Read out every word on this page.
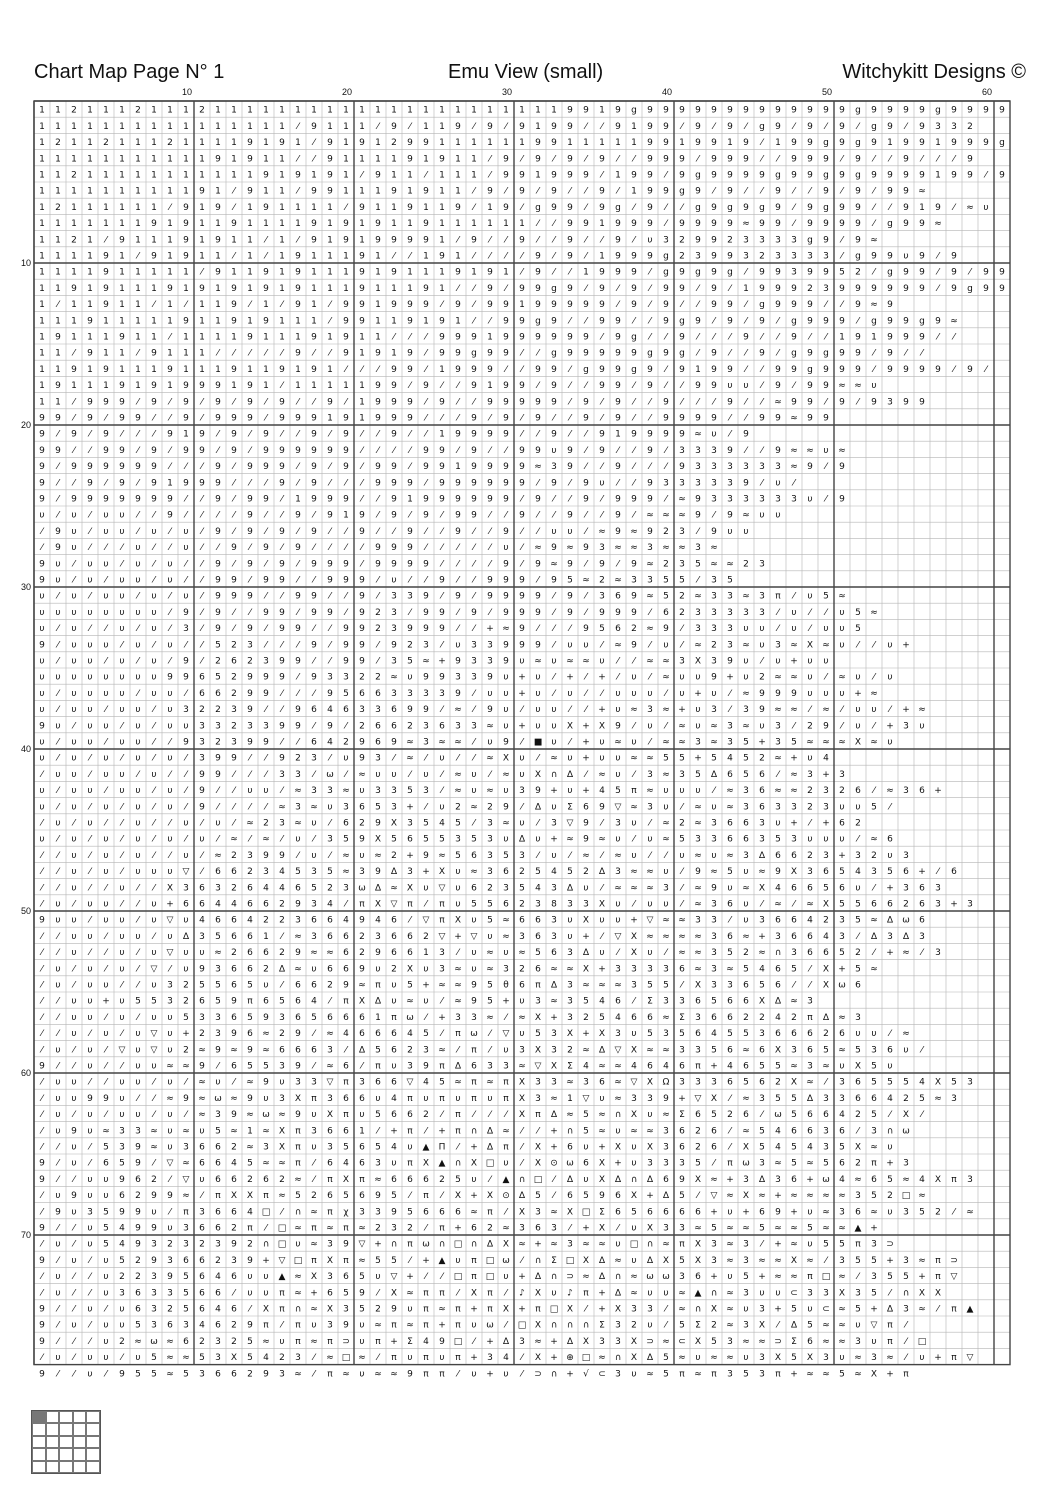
Chart Map Page N° 1	Emu View (small)	Witchykitt Designs ©
1 1 2 1 1 1 2 1 1 1 2 1 1 1 1 1 1 1 1 1 1 1 1 1 1 1 1 1 1 1 1 1 1 9 9 1 9 g 9 9 9 9 9 9 9 9 9 9 9 9 9 g 9 9 9 9 g 9 9 9 9
1 1 1 1 1 1 1 1 1 1 1 1 1 1 1 1 ⁄ 9 1 1 1 ⁄ 9 ⁄ 1 1 9 ⁄ 9 ⁄ 9 1 9 9 ⁄ ⁄ 9 1 9 9 ⁄ 9 ⁄ 9 ⁄ g 9 ⁄ 9 ⁄ 9 ⁄ g 9 ⁄ 9 3 3 2
1 2 1 1 2 1 1 1 2 1 1 1 1 9 1 9 1 ⁄ 9 1 9 1 2 9 9 1 1 1 1 1 1 9 9 1 1 1 1 1 9 9 1 9 9 1 9 ⁄ 1 9 9 g 9 g 9 1 9 9 1 9 9 9 g
1 1 1 1 1 1 1 1 1 1 1 9 1 9 1 1 ⁄ ⁄ 9 1 1 1 1 9 1 9 1 1 ⁄ 9 ⁄ 9 ⁄ 9 ⁄ 9 ⁄ ⁄ 9 9 9 ⁄ 9 9 9 ⁄ ⁄ 9 9 9 ⁄ 9 ⁄ ⁄ 9 ⁄ ⁄ ⁄ 9
1 1 2 1 1 1 1 1 1 1 1 1 1 1 9 1 9 1 9 1 ⁄ 9 1 1 ⁄ 1 1 1 ⁄ 9 9 1 9 9 9 ⁄ 1 9 9 ⁄ 9 g 9 9 9 9 g 9 9 g 9 g 9 9 9 9 1 9 9 ⁄ 9
1 1 1 1 1 1 1 1 1 1 9 1 ⁄ 9 1 1 ⁄ 9 9 1 1 1 9 1 9 1 1 ⁄ 9 ⁄ 9 ⁄ 9 ⁄ ⁄ 9 ⁄ 1 9 9 g 9 ⁄ 9 ⁄ ⁄ 9 ⁄ ⁄ 9 ⁄ 9 ⁄ 9 9 ≈
1 2 1 1 1 1 1 1 ⁄ 9 1 9 ⁄ 1 9 1 1 1 1 ⁄ 9 1 1 9 1 1 9 ⁄ 1 9 ⁄ g 9 9 ⁄ 9 g ⁄ 9 ⁄ ⁄ g 9 g 9 g 9 ⁄ 9 g 9 9 ⁄ ⁄ 9 1 9 ⁄ ≈ υ
1 1 1 1 1 1 1 9 1 9 1 1 9 1 1 1 1 9 1 9 1 9 1 1 9 1 1 1 1 1 1 ⁄ ⁄ 9 9 1 9 9 9 ⁄ 9 9 9 9 ≈ 9 9 ⁄ 9 9 9 9 ⁄ g 9 9 ≈
1 1 2 1 ⁄ 9 1 1 1 9 1 9 1 1 ⁄ 1 ⁄ 9 1 9 1 9 9 9 9 1 ⁄ 9 ⁄ ⁄ 9 ⁄ ⁄ 9 ⁄ ⁄ 9 ⁄ υ 3 2 9 9 2 3 3 3 3 g 9 ⁄ 9 ≈
1 1 1 1 9 1 ⁄ 9 1 9 1 1 ⁄ 1 ⁄ 1 9 1 1 1 9 1 ⁄ ⁄ 1 9 1 ⁄ ⁄ ⁄ ⁄ 9 ⁄ 9 ⁄ 1 9 9 9 g 2 3 9 9 3 2 3 3 3 3 ⁄ g 9 9 υ 9 ⁄ 9
1 1 1 1 9 1 1 1 1 1 ⁄ 9 1 1 9 1 9 1 1 1 9 1 9 1 1 1 9 1 9 1 ⁄ 9 ⁄ ⁄ 1 9 9 9 ⁄ g 9 g 9 g ⁄ 9 9 3 9 9 5 2 ⁄ g 9 9 ⁄ 9 ⁄ 9 9
1 1 9 1 9 1 1 1 9 1 9 1 9 1 9 1 9 1 1 1 9 1 1 1 9 1 ⁄ ⁄ 9 ⁄ 9 9 g 9 ⁄ 9 ⁄ 9 ⁄ 9 9 ⁄ 9 ⁄ 1 9 9 9 2 3 9 9 9 9 9 9 ⁄ 9 g 9 9
1 ⁄ 1 1 9 1 1 ⁄ 1 ⁄ 1 1 9 ⁄ 1 ⁄ 9 1 ⁄ 9 9 1 9 9 9 ⁄ 9 ⁄ 9 9 1 9 9 9 9 9 ⁄ 9 ⁄ 9 ⁄ ⁄ 9 9 ⁄ g 9 9 9 ⁄ ⁄ 9 ≈ 9
1 1 1 9 1 1 1 1 1 9 1 1 9 1 9 1 1 1 ⁄ 9 9 1 1 9 1 9 1 ⁄ ⁄ 9 9 g 9 ⁄ ⁄ 9 9 ⁄ ⁄ 9 g 9 ⁄ 9 ⁄ 9 ⁄ g 9 9 9 ⁄ g 9 9 g 9 ≈
1 9 1 1 1 9 1 1 ⁄ 1 1 1 1 9 1 1 1 9 1 9 1 1 ⁄ ⁄ ⁄ 9 9 9 1 9 9 9 9 9 9 ⁄ 9 g ⁄ ⁄ 9 ⁄ ⁄ ⁄ 9 ⁄ ⁄ 9 ⁄ ⁄ 1 9 1 9 9 9 ⁄ ⁄
1 1 ⁄ 9 1 1 ⁄ 9 1 1 1 ⁄ ⁄ ⁄ ⁄ ⁄ 9 ⁄ ⁄ 9 1 9 1 9 ⁄ 9 9 g 9 9 ⁄ ⁄ g 9 9 9 9 9 g 9 g ⁄ 9 ⁄ ⁄ 9 ⁄ g 9 g 9 9 ⁄ 9 ⁄ ⁄
1 1 9 1 9 1 1 1 9 1 1 1 9 1 1 9 1 9 1 ⁄ ⁄ ⁄ 9 9 ⁄ 1 9 9 9 ⁄ ⁄ 9 9 ⁄ g 9 9 g 9 ⁄ 9 1 9 9 ⁄ ⁄ 9 9 g 9 9 9 ⁄ 9 9 9 9 ⁄ 9 ⁄
1 9 1 1 1 9 1 9 1 9 9 9 1 9 1 ⁄ 1 1 1 1 1 9 9 ⁄ 9 ⁄ ⁄ 9 1 9 9 ⁄ 9 ⁄ ⁄ 9 9 ⁄ 9 ⁄ ⁄ 9 9 υ υ ⁄ 9 ⁄ 9 9 ≈ ≈ υ
1 1 ⁄ 9 9 9 ⁄ 9 ⁄ 9 ⁄ 9 ⁄ 9 ⁄ 9 ⁄ ⁄ 9 ⁄ 1 9 9 9 ⁄ 9 ⁄ ⁄ 9 9 9 9 9 ⁄ 9 ⁄ 9 ⁄ ⁄ 9 ⁄ ⁄ ⁄ 9 ⁄ ⁄ ≈ 9 9 ⁄ 9 ⁄ 9 3 9 9
9 9 ⁄ 9 ⁄ 9 9 ⁄ ⁄ 9 ⁄ 9 9 9 ⁄ 9 9 9 1 9 1 9 9 9 ⁄ ⁄ ⁄ 9 ⁄ 9 ⁄ 9 ⁄ ⁄ 9 ⁄ 9 ⁄ ⁄ 9 9 9 9 ⁄ ⁄ 9 9 ≈ 9 9
9 ⁄ 9 ⁄ 9 ⁄ ⁄ ⁄ 9 1 9 ⁄ 9 ⁄ 9 ⁄ ⁄ 9 ⁄ 9 ⁄ ⁄ 9 ⁄ ⁄ 1 9 9 9 9 ⁄ ⁄ 9 ⁄ ⁄ 9 1 9 9 9 9 ≈ υ ⁄ 9
9 9 ⁄ ⁄ 9 9 ⁄ 9 ⁄ 9 9 ⁄ 9 ⁄ 9 9 9 9 9 9 ⁄ ⁄ ⁄ ⁄ 9 9 ⁄ 9 ⁄ ⁄ 9 9 υ 9 ⁄ 9 ⁄ ⁄ 9 ⁄ 3 3 3 9 ⁄ ⁄ 9 ≈ ≈ υ ≈
9 ⁄ 9 9 9 9 9 9 ⁄ ⁄ ⁄ 9 ⁄ 9 9 9 ⁄ 9 ⁄ 9 ⁄ 9 9 ⁄ 9 9 1 9 9 9 9 ≈ 3 9 ⁄ ⁄ 9 ⁄ ⁄ ⁄ 9 3 3 3 3 3 3 ≈ 9 ⁄ 9
9 ⁄ ⁄ 9 ⁄ 9 ⁄ 9 1 9 9 9 ⁄ ⁄ ⁄ 9 ⁄ 9 ⁄ ⁄ ⁄ 9 9 9 ⁄ 9 9 9 9 9 9 ⁄ 9 ⁄ 9 υ ⁄ ⁄ 9 3 3 3 3 3 9 ⁄ υ ⁄
9 ⁄ 9 9 9 9 9 9 9 ⁄ ⁄ 9 ⁄ 9 9 ⁄ 1 9 9 9 ⁄ ⁄ 9 1 9 9 9 9 9 9 ⁄ 9 ⁄ ⁄ 9 ⁄ 9 9 9 ⁄ ≈ 9 3 3 3 3 3 3 υ ⁄ 9
υ ⁄ υ ⁄ υ υ ⁄ ⁄ 9 ⁄ ⁄ ⁄ ⁄ 9 ⁄ ⁄ 9 ⁄ 9 1 9 ⁄ 9 ⁄ 9 ⁄ 9 9 ⁄ ⁄ 9 ⁄ ⁄ 9 ⁄ ⁄ 9 ⁄ ≈ ≈ ≈ 9 ⁄ 9 ≈ υ υ
⁄ 9 υ ⁄ υ υ ⁄ υ ⁄ υ ⁄ 9 ⁄ 9 ⁄ 9 ⁄ 9 ⁄ ⁄ 9 ⁄ ⁄ 9 ⁄ ⁄ 9 ⁄ ⁄ 9 ⁄ ⁄ υ υ ⁄ ≈ 9 ≈ 9 2 3 ⁄ 9 υ υ
⁄ 9 υ ⁄ ⁄ ⁄ υ ⁄ ⁄ υ ⁄ ⁄ 9 ⁄ 9 ⁄ 9 ⁄ ⁄ ⁄ ⁄ 9 9 9 ⁄ ⁄ ⁄ ⁄ ⁄ υ ⁄ ≈ 9 ≈ 9 3 ≈ ≈ 3 ≈ ≈ 3 ≈
9 υ ⁄ υ υ ⁄ υ ⁄ υ ⁄ ⁄ 9 ⁄ 9 ⁄ 9 ⁄ 9 9 9 ⁄ 9 9 9 9 ⁄ ⁄ ⁄ ⁄ 9 ⁄ 9 ≈ 9 ⁄ 9 ⁄ 9 ≈ 2 3 5 ≈ ≈ 2 3
9 υ ⁄ υ ⁄ υ υ ⁄ υ ⁄ ⁄ 9 9 ⁄ 9 9 ⁄ ⁄ 9 9 9 ⁄ υ ⁄ ⁄ 9 ⁄ ⁄ 9 9 9 ⁄ 9 5 ≈ 2 ≈ 3 3 5 5 ⁄ 3 5
υ ⁄ υ ⁄ υ υ ⁄ υ ⁄ υ ⁄ 9 9 9 ⁄ ⁄ 9 9 ⁄ ⁄ 9 ⁄ 3 3 9 ⁄ 9 ⁄ 9 9 9 9 ⁄ 9 ⁄ 3 6 9 ≈ 5 2 ≈ 3 3 ≈ 3 π ⁄ υ 5 ≈
υ υ υ υ υ υ υ υ ⁄ 9 ⁄ 9 ⁄ ⁄ 9 9 ⁄ 9 9 ⁄ 9 2 3 ⁄ 9 9 ⁄ 9 ⁄ 9 9 9 ⁄ 9 ⁄ 9 9 9 ⁄ 6 2 3 3 3 3 3 ⁄ υ ⁄ ⁄ υ 5 ≈
υ ⁄ υ ⁄ ⁄ υ ⁄ υ ⁄ 3 ⁄ 9 ⁄ 9 ⁄ 9 9 ⁄ ⁄ 9 9 2 3 9 9 9 ⁄ ⁄ + ≈ 9 ⁄ ⁄ ⁄ 9 5 6 2 ≈ 9 ⁄ 3 3 3 υ υ ⁄ υ ⁄ υ υ 5
9 ⁄ υ υ υ ⁄ υ ⁄ υ ⁄ ⁄ 5 2 3 ⁄ ⁄ ⁄ 9 ⁄ 9 9 ⁄ 9 2 3 ⁄ υ 3 3 9 9 9 ⁄ υ υ ⁄ ≈ 9 ⁄ υ ⁄ ≈ 2 3 ≈ υ 3 ≈ Χ ≈ υ ⁄ ⁄ υ +
υ ⁄ υ υ ⁄ υ ⁄ υ ⁄ 9 ⁄ 2 6 2 3 9 9 ⁄ ⁄ 9 9 ⁄ 3 5 ≈ + 9 3 3 9 υ ≈ υ ≈ ≈ υ ⁄ ⁄ ≈ ≈ 3 Χ 3 9 υ ⁄ υ + υ υ
υ υ υ υ υ υ υ υ 9 9 6 5 2 9 9 9 ⁄ 9 3 3 2 2 ≈ υ 9 9 3 3 9 υ + υ ⁄ + ⁄ + ⁄ υ ⁄ ≈ υ υ 9 + υ 2 ≈ ≈ υ ⁄ ≈ υ ⁄ υ
υ ⁄ υ υ υ υ ⁄ υ υ ⁄ 6 6 2 9 9 ⁄ ⁄ ⁄ 9 5 6 6 3 3 3 3 9 ⁄ υ υ + υ ⁄ υ ⁄ ⁄ υ υ υ ⁄ υ + υ ⁄ ≈ 9 9 9 υ υ υ + ≈
υ ⁄ υ υ ⁄ υ υ ⁄ υ 3 2 2 3 9 ⁄ ⁄ 9 6 4 6 3 3 6 9 9 ⁄ ≈ ⁄ 9 υ ⁄ υ υ ⁄ ⁄ + υ ≈ 3 ≈ + υ 3 ⁄ 3 9 ≈ ≈ ⁄ ≈ ⁄ υ υ ⁄ + ≈
9 υ ⁄ υ υ ⁄ υ ⁄ υ υ 3 3 2 3 3 9 9 ⁄ 9 ⁄ 2 6 6 2 3 6 3 3 ≈ υ + υ υ Χ + Χ 9 ⁄ υ ⁄ ≈ υ ≈ 3 ≈ υ 3 ⁄ 2 9 ⁄ υ ⁄ + 3 υ
υ ⁄ υ υ ⁄ υ υ ⁄ ⁄ 9 3 2 3 9 9 ⁄ ⁄ 6 4 2 9 6 9 ≈ 3 ≈ ≈ ⁄ υ 9 ⁄ ■ υ ⁄ + υ ≈ υ ⁄ ≈ ≈ 3 ≈ 3 5 + 3 5 ≈ ≈ ≈ Χ ≈ υ
υ ⁄ υ ⁄ υ ⁄ υ ⁄ υ ⁄ 3 9 9 ⁄ ⁄ 9 2 3 ⁄ υ 9 3 ⁄ ≈ ⁄ υ ⁄ ⁄ ≈ Χ υ ⁄ ≈ υ + υ υ ≈ ≈ 5 5 + 5 4 5 2 ≈ + υ 4
⁄ υ υ ⁄ υ υ ⁄ υ ⁄ ⁄ 9 9 ⁄ ⁄ ⁄ 3 3 ⁄ ω ⁄ ≈ υ υ ⁄ υ ⁄ ≈ υ ⁄ ≈ υ Χ ∩ ∆ ⁄ ≈ υ ⁄ 3 ≈ 3 5 ∆ 6 5 6 ⁄ ≈ 3 + 3
υ ⁄ υ υ ⁄ υ υ ⁄ υ ⁄ 9 ⁄ ⁄ υ υ ⁄ ≈ 3 3 ≈ υ 3 3 5 3 ⁄ ≈ υ ≈ υ 3 9 + υ + 4 5 π ≈ υ υ υ ⁄ ≈ 3 6 ≈ ≈ 2 3 2 6 ⁄ ≈ 3 6 +
υ ⁄ υ ⁄ υ ⁄ υ ⁄ υ ⁄ 9 ⁄ ⁄ ⁄ ⁄ ≈ 3 ≈ υ 3 6 5 3 + ⁄ υ 2 ≈ 2 9 ⁄ ∆ υ Σ 6 9 ▽ ≈ 3 υ ⁄ ≈ υ ≈ 3 6 3 3 2 3 υ υ 5 ⁄
⁄ υ ⁄ υ ⁄ ⁄ υ ⁄ ⁄ υ ⁄ υ ⁄ ≈ 2 3 ≈ υ ⁄ 6 2 9 Χ 3 5 4 5 ⁄ 3 ≈ υ ⁄ 3 ▽ 9 ⁄ 3 υ ⁄ ≈ 2 ≈ 3 6 6 3 υ + ⁄ + 6 2
υ ⁄ υ ⁄ υ ⁄ υ ⁄ υ ⁄ υ ⁄ ≈ ⁄ ≈ ⁄ υ ⁄ 3 5 9 Χ 5 6 5 5 3 5 3 υ ∆ υ + ≈ 9 ≈ υ ⁄ υ ≈ 5 3 3 6 6 3 5 3 υ υ υ ⁄ ≈ 6
⁄ ⁄ υ ⁄ υ ⁄ υ ⁄ ⁄ υ ⁄ ≈ 2 3 9 9 ⁄ υ ⁄ ≈ υ ≈ 2 + 9 ≈ 5 6 3 5 3 ⁄ υ ⁄ ≈ ⁄ ≈ υ ⁄ ⁄ υ ≈ υ ≈ 3 ∆ 6 6 2 3 + 3 2 υ 3
⁄ ⁄ υ ⁄ υ ⁄ υ υ υ ▽ ⁄ 6 6 2 3 4 5 3 5 ≈ 3 9 ∆ 3 + Χ υ ≈ 3 6 2 5 4 5 2 ∆ 3 ≈ ≈ υ ⁄ 9 ≈ 5 υ ≈ 9 Χ 3 6 5 4 3 5 6 + ⁄ 6
⁄ ⁄ υ ⁄ ⁄ υ ⁄ ⁄ Χ 3 6 3 2 6 4 4 6 5 2 3 ω ∆ ≈ Χ υ ▽ υ 6 2 3 5 4 3 ∆ υ ⁄ ≈ ≈ ≈ 3 ⁄ ≈ 9 υ ≈ Χ 4 6 6 5 6 υ ⁄ + 3 6 3
⁄ υ ⁄ υ υ ⁄ ⁄ υ + 6 6 4 4 6 6 2 9 3 4 ⁄ π Χ ▽ π ⁄ π υ 5 5 6 2 3 8 3 3 Χ υ ⁄ υ υ ⁄ ≈ 3 6 υ ⁄ ≈ ⁄ ≈ Χ 5 5 6 6 2 6 3 + 3
9 υ υ ⁄ υ υ ⁄ υ ▽ υ 4 6 6 4 2 2 3 6 6 4 9 4 6 ⁄ ▽ π Χ υ 5 ≈ 6 6 3 υ Χ υ υ + ▽ ≈ ≈ 3 3 ⁄ υ 3 6 6 4 2 3 5 ≈ ∆ ω 6
⁄ ⁄ υ υ ⁄ υ υ ⁄ υ ∆ 3 5 6 6 1 ⁄ ≈ 3 6 6 2 3 6 6 2 ▽ + ▽ υ ≈ 3 6 3 υ + ⁄ ▽ Χ ≈ ≈ ≈ ≈ 3 6 ≈ + 3 6 6 4 3 ⁄ ∆ 3 ∆ 3
⁄ ⁄ υ ⁄ ⁄ υ ⁄ υ ▽ υ υ ≈ 2 6 6 2 9 ≈ ≈ 6 2 9 6 6 1 3 ⁄ υ ≈ υ ≈ 5 6 3 ∆ υ ⁄ Χ υ ⁄ ≈ ≈ 3 5 2 ≈ ∩ 3 6 6 5 2 ⁄ + ≈ ⁄ 3
⁄ υ ⁄ υ ⁄ υ ⁄ ▽ ⁄ υ 9 3 6 6 2 ∆ ≈ υ 6 6 9 υ 2 Χ υ 3 ≈ υ ≈ 3 2 6 ≈ ≈ Χ + 3 3 3 3 6 ≈ 3 ≈ 5 4 6 5 ⁄ Χ + 5 ≈
⁄ υ ⁄ υ υ ⁄ ⁄ υ 3 2 5 5 6 5 υ ⁄ 6 6 2 9 ≈ π υ 5 + ≈ ≈ 9 5 θ 6 π ∆ 3 ≈ ≈ ≈ 3 5 5 ⁄ Χ 3 3 6 5 6 ⁄ ⁄ Χ ω 6
⁄ ⁄ υ υ + υ 5 5 3 2 6 5 9 π 6 5 6 4 ⁄ π Χ ∆ υ ≈ υ ⁄ ≈ 9 5 + υ 3 ≈ 3 5 4 6 ⁄ Σ 3 3 6 5 6 6 Χ ∆ ≈ 3
⁄ ⁄ υ υ ⁄ υ ⁄ υ υ 5 3 3 6 5 9 3 6 5 6 6 6 1 π ω ⁄ + 3 3 ≈ ⁄ ≈ Χ + 3 2 5 4 6 6 ≈ Σ 3 6 6 2 2 4 2 π ∆ ≈ 3
⁄ ⁄ υ ⁄ υ ⁄ υ ▽ υ + 2 3 9 6 ≈ 2 9 ⁄ ≈ 4 6 6 6 4 5 ⁄ π ω ⁄ ▽ υ 5 3 Χ + Χ 3 υ 5 3 5 6 4 5 5 3 6 6 6 2 6 υ υ ⁄ ≈
⁄ υ ⁄ υ ⁄ ▽ υ ▽ υ 2 ≈ 9 ≈ 9 ≈ 6 6 6 3 ⁄ ∆ 5 6 2 3 ≈ ⁄ π ⁄ υ 3 Χ 3 2 ≈ ∆ ▽ Χ ≈ ≈ 3 3 5 6 ≈ 6 Χ 3 6 5 ≈ 5 3 6 υ ⁄
9 ⁄ ⁄ υ ⁄ ⁄ υ υ ≈ ≈ 9 ⁄ 6 5 5 3 9 ⁄ ≈ 6 ⁄ π υ 3 9 π ∆ 6 3 3 ≈ ▽ Χ Σ 4 ≈ ≈ 4 6 4 6 π + 4 6 5 5 ≈ 3 ≈ υ Χ 5 υ
⁄ υ υ ⁄ ⁄ υ υ ⁄ υ ⁄ ≈ υ ⁄ ≈ 9 υ 3 3 ▽ π 3 6 6 ▽ 4 5 ≈ π ≈ π Χ 3 3 ≈ 3 6 ≈ ▽ Χ Ω 3 3 3 6 5 6 2 Χ ≈ ⁄ 3 6 5 5 5 4 Χ 5 3
⁄ υ υ 9 9 υ ⁄ ⁄ ≈ 9 ≈ ω ≈ 9 υ 3 Χ π 3 6 6 υ 4 π υ π υ π υ π Χ 3 ≈ 1 ▽ υ ≈ 3 3 9 + ▽ Χ ⁄ ≈ 3 5 5 ∆ 3 3 6 6 4 2 5 ≈ 3
⁄ υ ⁄ υ ⁄ υ υ ⁄ υ ⁄ ≈ 3 9 ≈ ω ≈ 9 υ Χ π υ 5 6 6 2 ⁄ π ⁄ ⁄ ⁄ Χ π ∆ ≈ 5 ≈ ∩ Χ υ ≈ Σ 6 5 2 6 ⁄ ω 5 6 6 4 2 5 ⁄ Χ ⁄
⁄ υ 9 υ ≈ 3 3 ≈ υ ≈ υ 5 ≈ 1 ≈ Χ π 3 6 6 1 ⁄ + π ⁄ + π ∩ ∆ ≈ ⁄ ⁄ + ∩ 5 ≈ υ ≈ ≈ 3 6 2 6 ⁄ ≈ 5 4 6 6 3 6 ⁄ 3 ∩ ω
⁄ ⁄ υ ⁄ 5 3 9 ≈ υ 3 6 6 2 ≈ 3 Χ π υ 3 5 6 5 4 υ ▲ Π ⁄ + ∆ π ⁄ Χ + 6 υ + Χ υ Χ 3 6 2 6 ⁄ Χ 5 4 5 4 3 5 Χ ≈ υ
9 ⁄ υ ⁄ 6 5 9 ⁄ ▽ ≈ 6 6 4 5 ≈ ≈ π ⁄ 6 4 6 3 υ π Χ ▲ ∩ Χ □ υ ⁄ Χ ⊙ ω 6 Χ + υ 3 3 3 5 ⁄ π ω 3 ≈ 5 ≈ 5 6 2 π + 3
9 ⁄ ⁄ υ υ 9 6 2 ⁄ ▽ υ 6 6 2 6 2 ≈ ⁄ π Χ π ≈ 6 6 6 2 5 υ ⁄ ▲ ∩ □ ⁄ ∆ υ Χ ∆ ∩ ∆ 6 9 Χ ≈ + 3 ∆ 3 6 + ω 4 ≈ 6 5 ≈ 4 Χ π 3
⁄ υ 9 υ υ 6 2 9 9 ≈ ⁄ π Χ Χ π ≈ 5 2 6 5 6 9 5 ⁄ π ⁄ Χ + Χ ⊙ ∆ 5 ⁄ 6 5 9 6 Χ + ∆ 5 ⁄ ▽ ≈ Χ ≈ + ≈ ≈ ≈ ≈ 3 5 2 □ ≈
⁄ 9 υ 3 5 9 9 υ ⁄ π 3 6 6 4 □ ⁄ ∩ ≈ π χ 3 3 9 5 6 6 6 ≈ π ⁄ Χ 3 ≈ Χ □ Σ 6 5 6 6 6 6 + υ + 6 9 + υ ≈ 3 6 ≈ υ 3 5 2 ⁄ ≈
9 ⁄ ⁄ υ 5 4 9 9 υ 3 6 6 2 π ⁄ □ ≈ π ≈ π ≈ 2 3 2 ⁄ π + 6 2 ≈ 3 6 3 ⁄ + Χ ⁄ υ Χ 3 3 ≈ 5 ≈ ≈ 5 ≈ ≈ 5 ≈ ≈ ▲ +
⁄ υ ⁄ υ 5 4 9 3 2 3 2 3 9 2 ∩ □ υ ≈ 3 9 ▽ + ∩ π ω ∩ □ ∩ ∆ Χ ≈ + ≈ 3 ≈ ≈ υ □ ∩ ≈ π Χ 3 ≈ 3 ⁄ + ≈ υ 5 5 π 3 ⊃
9 ⁄ υ ⁄ υ 5 2 9 3 6 6 2 3 9 + ▽ □ π Χ π ≈ 5 5 ⁄ + ▲ υ π □ ω ⁄ ∩ Σ □ Χ ∆ ≈ υ ∆ Χ 5 Χ 3 ≈ 3 ≈ ≈ Χ ≈ ⁄ 3 5 5 + 3 ≈ π ⊃
⁄ υ ⁄ ⁄ υ 2 2 3 9 5 6 4 6 υ υ ▲ ≈ Χ 3 6 5 υ ▽ + ⁄ ⁄ □ π □ υ + ∆ ∩ ⊃ ≈ ∆ ∩ ≈ ω ω 3 6 + υ 5 + ≈ ≈ π □ ≈ ⁄ 3 5 5 + π ▽
⁄ υ ⁄ ⁄ υ 3 6 3 3 5 6 6 ⁄ υ υ π ≈ + 6 5 9 ⁄ Χ ≈ π π ⁄ Χ π ⁄ ♪ Χ υ ♪ π + ∆ ≈ υ υ ≈ ▲ ∩ ≈ 3 υ υ ⊂ 3 3 Χ 3 5 ⁄ ∩ Χ Χ
9 ⁄ ⁄ υ ⁄ υ 6 3 2 5 6 4 6 ⁄ Χ π ∩ ≈ Χ 3 5 2 9 υ π ≈ π + π Χ + π □ Χ ⁄ + Χ 3 3 ⁄ ≈ ∩ Χ ≈ υ 3 + 5 υ ⊂ ≈ 5 + ∆ 3 ≈ ⁄ π ▲
9 ⁄ υ ⁄ υ υ 5 3 6 3 4 6 2 9 π ⁄ π υ 3 9 υ ≈ π ≈ π + π υ ω ⁄ □ Χ ∩ ∩ ∩ Σ 3 2 υ ⁄ 5 Σ 2 ≈ 3 Χ ⁄ ∆ 5 ≈ ≈ υ ▽ π ⁄
9 ⁄ ⁄ ⁄ υ 2 ≈ ω ≈ 6 2 3 2 5 ≈ υ π ≈ π ⊃ υ π + Σ 4 9 □ ⁄ + ∆ 3 ≈ + ∆ Χ 3 3 Χ ⊃ ≈ ⊂ Χ 5 3 ≈ ≈ ⊃ Σ 6 ≈ ≈ 3 υ π ⁄ □
⁄ υ ⁄ υ υ ⁄ υ 5 ≈ ≈ 5 3 Χ 5 4 2 3 ⁄ ≈ □ ≈ ⁄ π υ π υ π + 3 4 ⁄ Χ + ⊕ □ ≈ ∩ Χ ∆ 5 ≈ υ ≈ ≈ υ 3 Χ 5 Χ 3 υ ≈ 3 ≈ ⁄ υ + π ▽
9 ⁄ ⁄ υ ⁄ 9 5 5 ≈ 5 3 6 6 2 9 3 ≈ ⁄ π ≈ υ ≈ ≈ 9 π π ⁄ υ + υ ⁄ ⊃ ∩ + √ ⊂ 3 υ ≈ 5 π ≈ π 3 5 3 π + ≈ ≈ 5 ≈ Χ + π
10	20	30	40	50	60
10
20
30
40
50
60
70
